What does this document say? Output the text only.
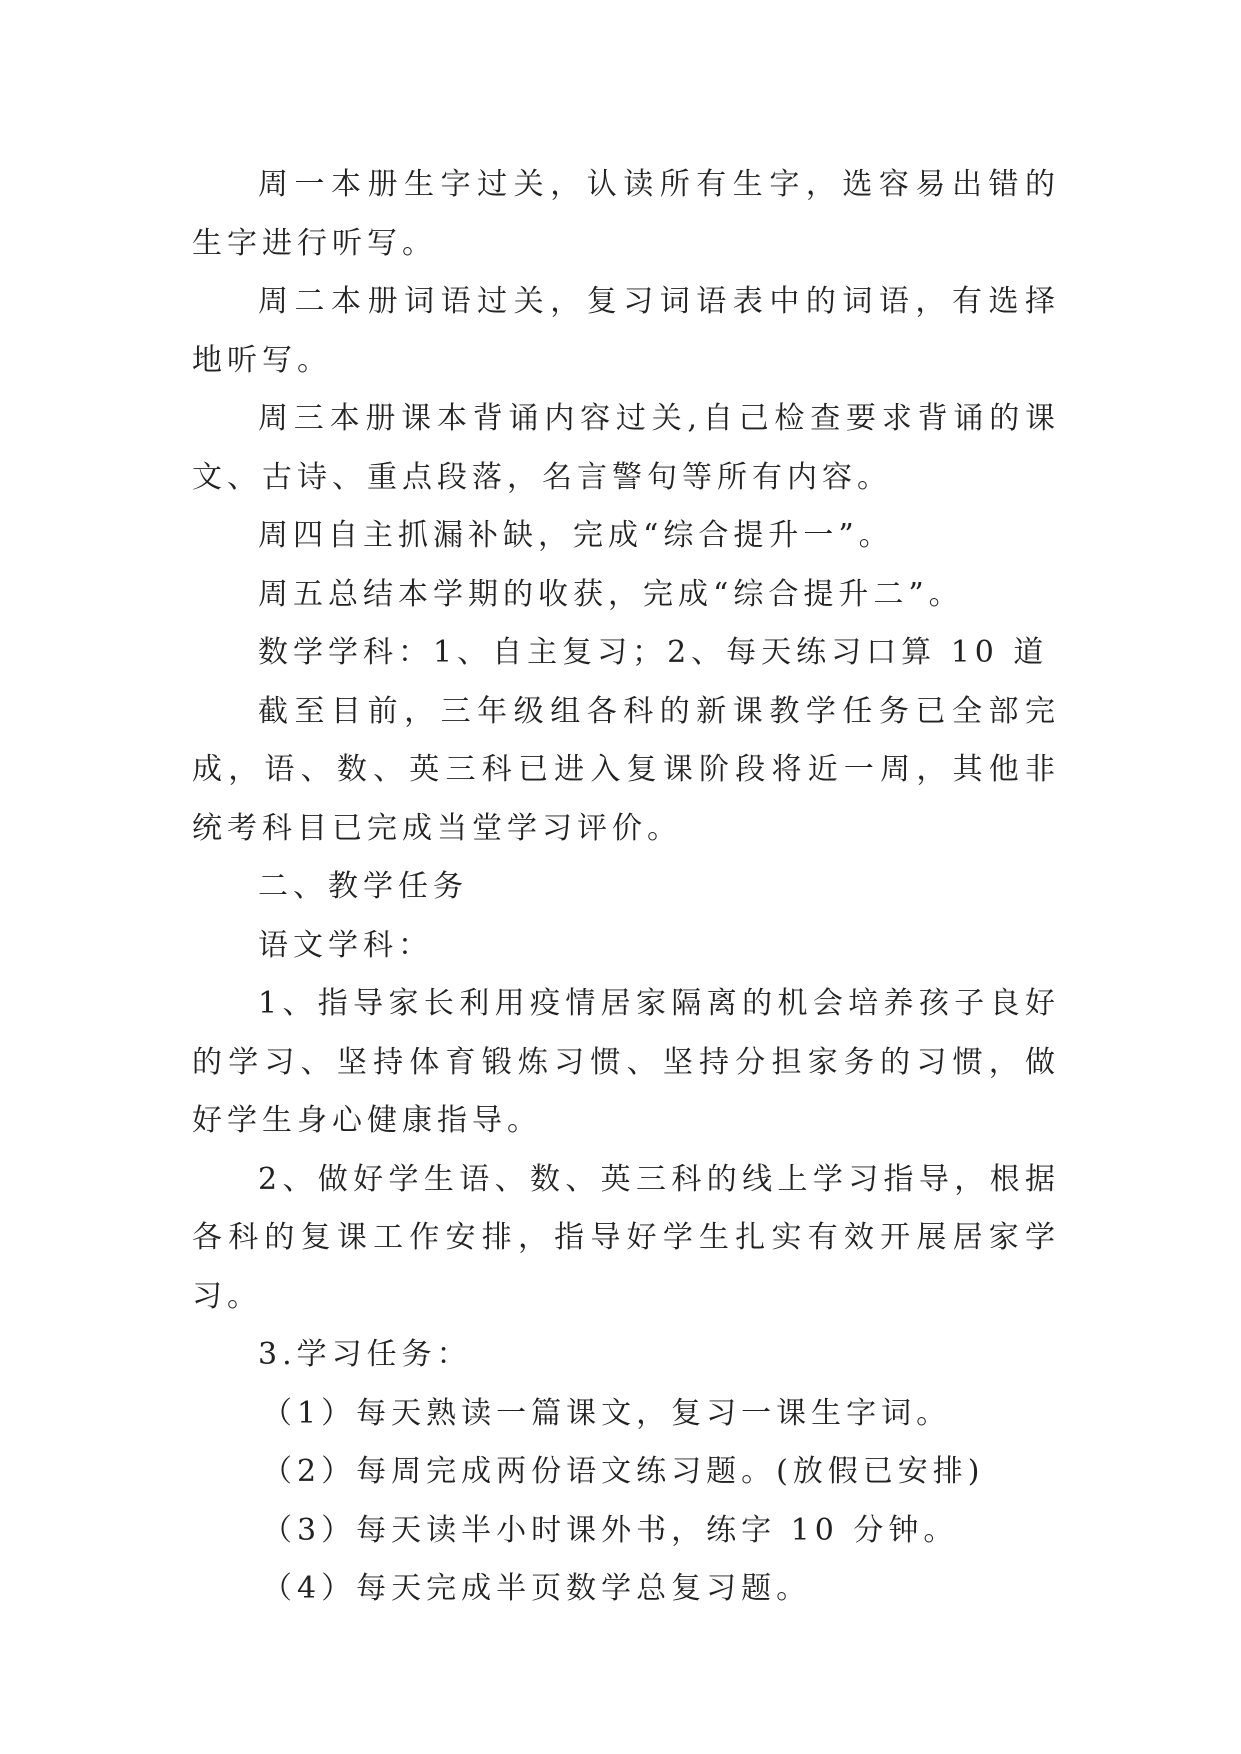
周一本册生字过关，认读所有生字，选容易出错的生字进行听写。

周二本册词语过关，复习词语表中的词语，有选择地听写。

周三本册课本背诵内容过关,自己检查要求背诵的课文、古诗、重点段落，名言警句等所有内容。

周四自主抓漏补缺，完成“综合提升一”。

周五总结本学期的收获，完成“综合提升二”。

数学学科：1、自主复习；2、每天练习口算 10 道

截至目前，三年级组各科的新课教学任务已全部完成，语、数、英三科已进入复课阶段将近一周，其他非统考科目已完成当堂学习评价。

二、教学任务

语文学科：

1、指导家长利用疫情居家隔离的机会培养孩子良好的学习、坚持体育锻炼习惯、坚持分担家务的习惯，做好学生身心健康指导。

2、做好学生语、数、英三科的线上学习指导，根据各科的复课工作安排，指导好学生扎实有效开展居家学习。

3.学习任务：

（1）每天熟读一篇课文，复习一课生字词。

（2）每周完成两份语文练习题。(放假已安排)

（3）每天读半小时课外书，练字 10 分钟。

（4）每天完成半页数学总复习题。
